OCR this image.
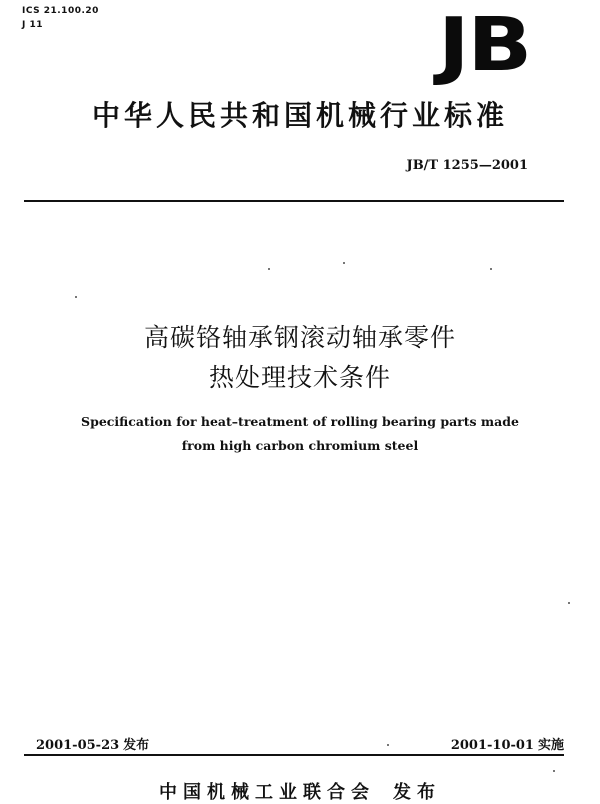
ICS 21.100.20
J 11	JB
中华人民共和国机械行业标准
JB/T 1255—2001
高碳铬轴承钢滚动轴承零件
热处理技术条件
Specification for heat–treatment of rolling bearing parts made
from high carbon chromium steel
2001-05-23 发布	2001-10-01 实施
中国机械工业联合会 发布
